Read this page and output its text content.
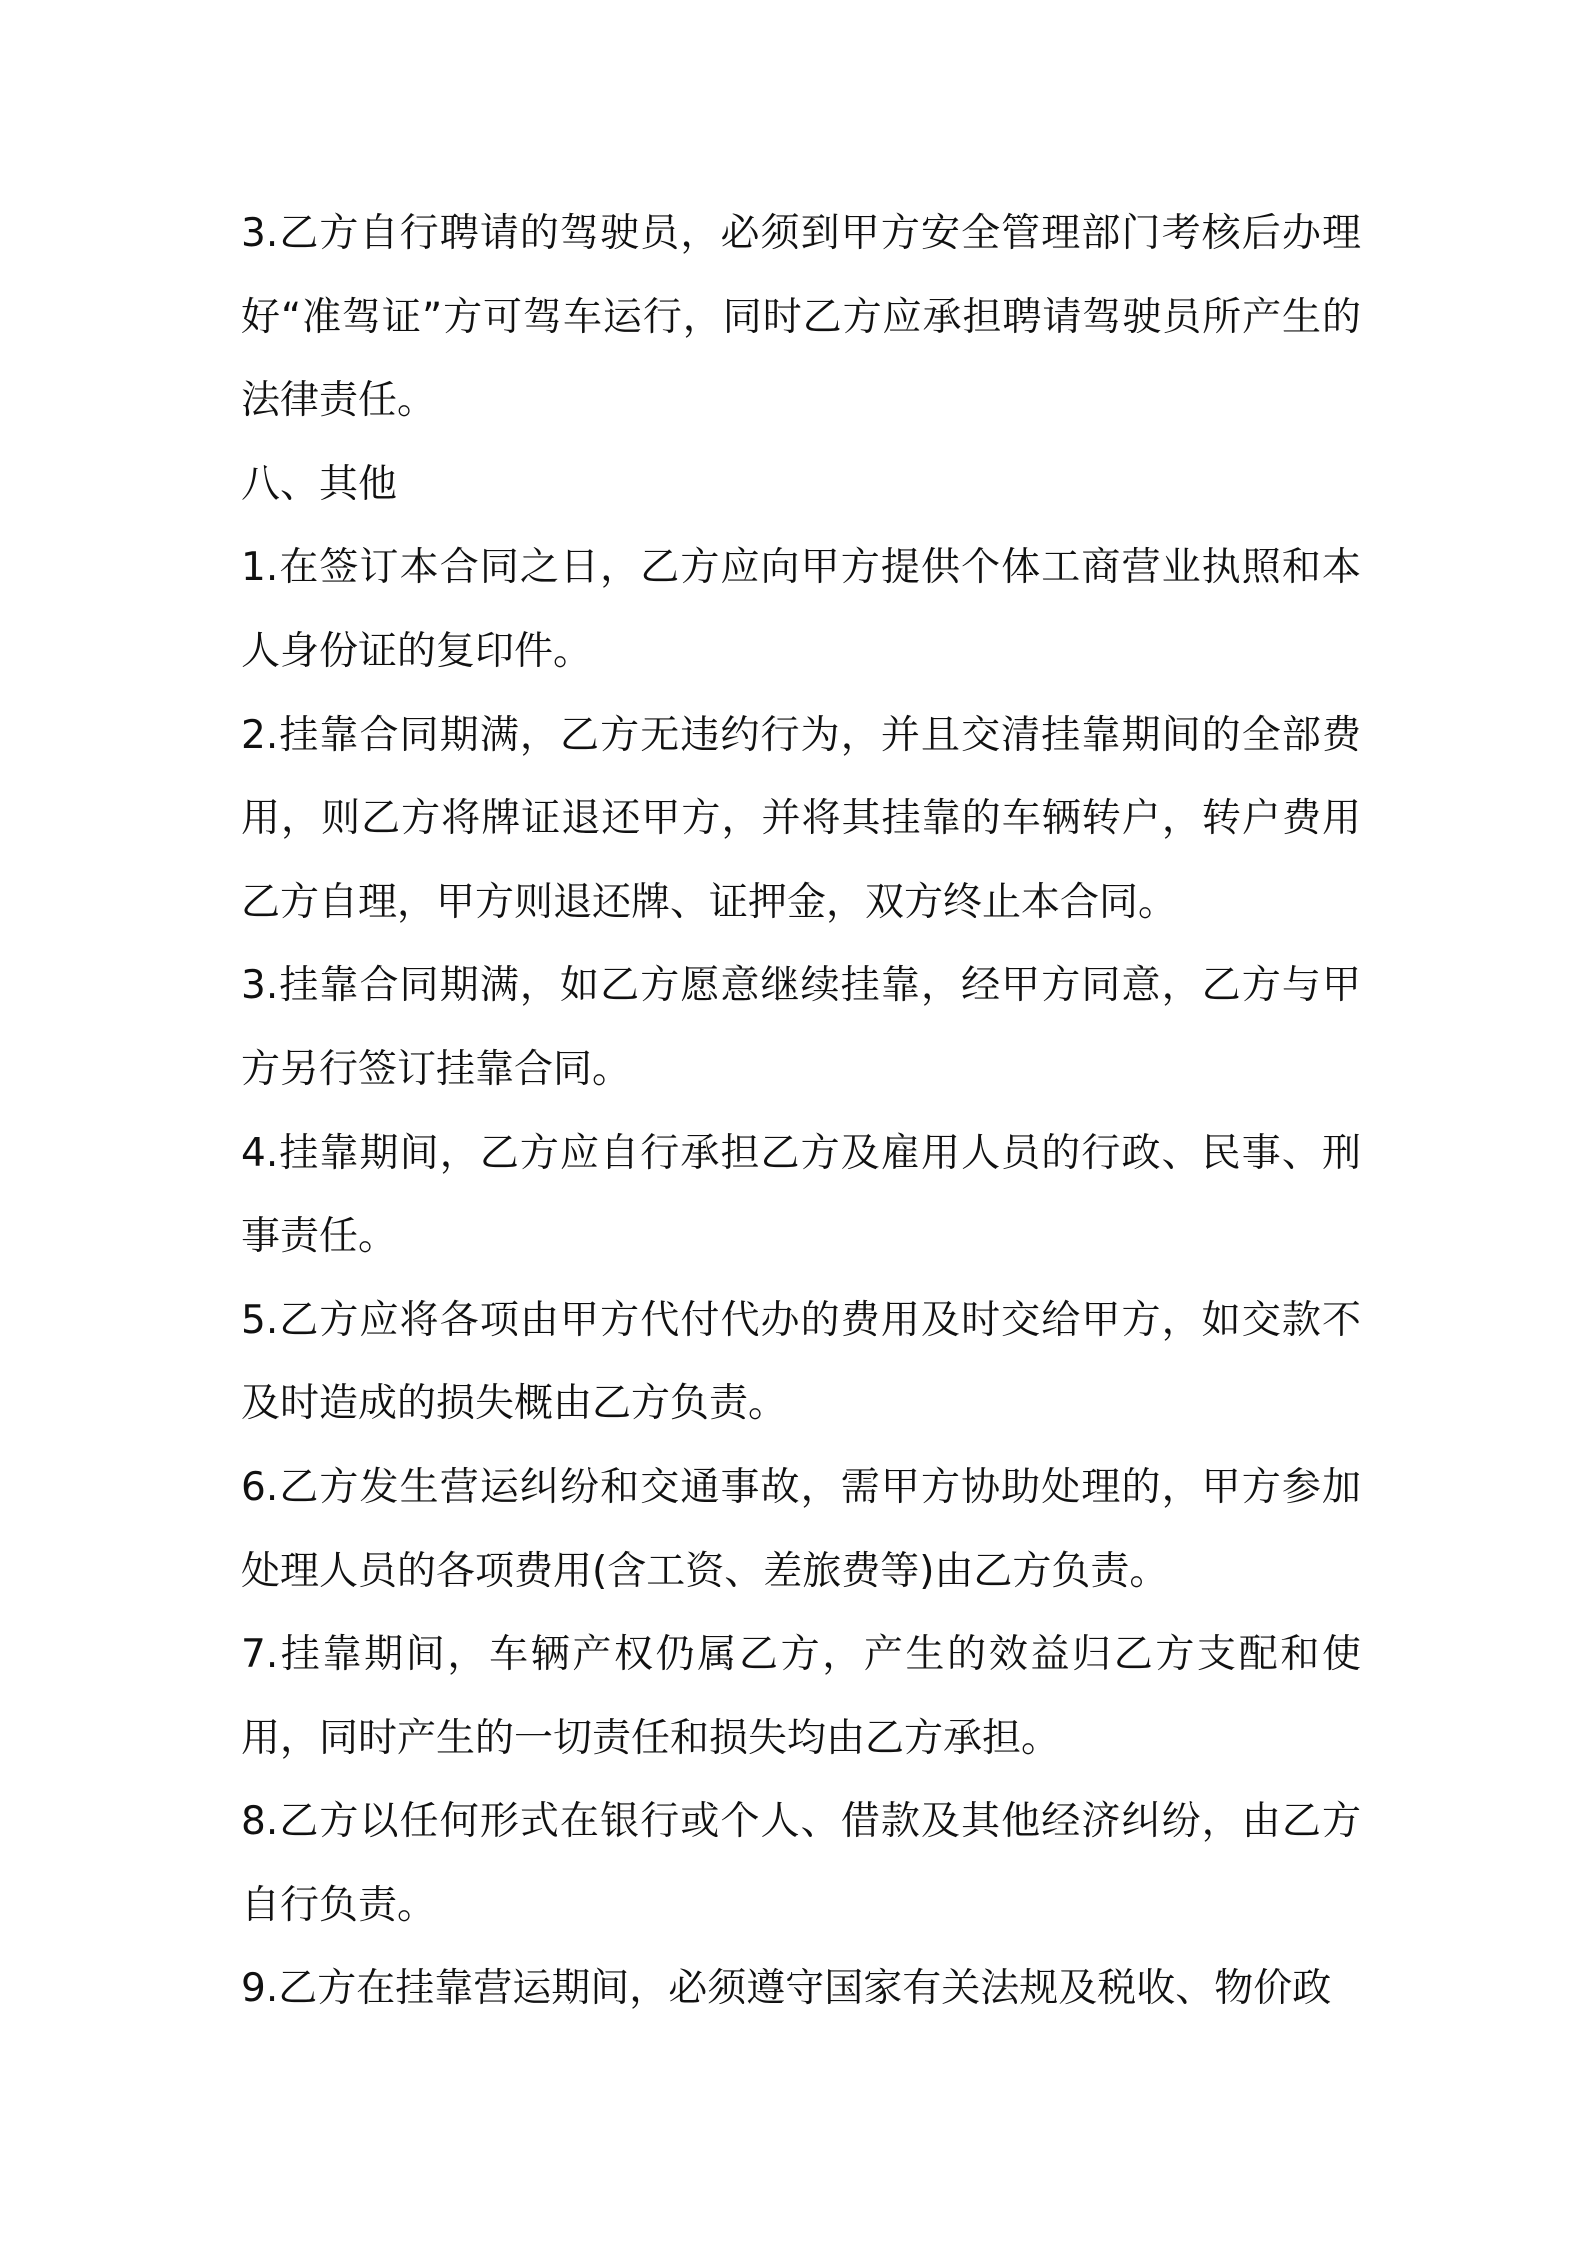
3.乙方自行聘请的驾驶员，必须到甲方安全管理部门考核后办理好“准驾证”方可驾车运行，同时乙方应承担聘请驾驶员所产生的法律责任。

八、其他

1.在签订本合同之日，乙方应向甲方提供个体工商营业执照和本人身份证的复印件。

2.挂靠合同期满，乙方无违约行为，并且交清挂靠期间的全部费用，则乙方将牌证退还甲方，并将其挂靠的车辆转户，转户费用乙方自理，甲方则退还牌、证押金，双方终止本合同。

3.挂靠合同期满，如乙方愿意继续挂靠，经甲方同意，乙方与甲方另行签订挂靠合同。

4.挂靠期间，乙方应自行承担乙方及雇用人员的行政、民事、刑事责任。

5.乙方应将各项由甲方代付代办的费用及时交给甲方，如交款不及时造成的损失概由乙方负责。

6.乙方发生营运纠纷和交通事故，需甲方协助处理的，甲方参加处理人员的各项费用(含工资、差旅费等)由乙方负责。

7.挂靠期间，车辆产权仍属乙方，产生的效益归乙方支配和使用，同时产生的一切责任和损失均由乙方承担。

8.乙方以任何形式在银行或个人、借款及其他经济纠纷，由乙方自行负责。

9.乙方在挂靠营运期间，必须遵守国家有关法规及税收、物价政
